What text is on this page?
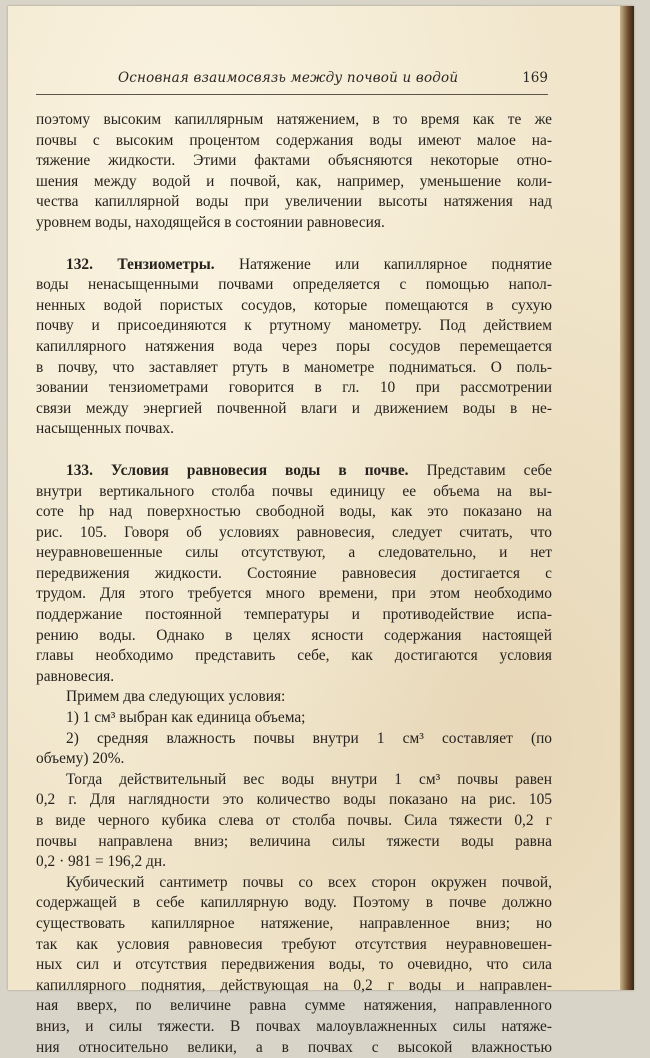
Основная взаимосвязь между почвой и водой	169

поэтому высоким капиллярным натяжением, в то время как те же
почвы с высоким процентом содержания воды имеют малое на-
тяжение жидкости. Этими фактами объясняются некоторые отно-
шения между водой и почвой, как, например, уменьшение коли-
чества капиллярной воды при увеличении высоты натяжения над
уровнем воды, находящейся в состоянии равновесия.

132. Тензиометры. Натяжение или капиллярное поднятие
воды ненасыщенными почвами определяется с помощью напол-
ненных водой пористых сосудов, которые помещаются в сухую
почву и присоединяются к ртутному манометру. Под действием
капиллярного натяжения вода через поры сосудов перемещается
в почву, что заставляет ртуть в манометре подниматься. О поль-
зовании тензиометрами говорится в гл. 10 при рассмотрении
связи между энергией почвенной влаги и движением воды в не-
насыщенных почвах.

133. Условия равновесия воды в почве. Представим себе
внутри вертикального столба почвы единицу ее объема на вы-
соте hp над поверхностью свободной воды, как это показано на
рис. 105. Говоря об условиях равновесия, следует считать, что
неуравновешенные силы отсутствуют, а следовательно, и нет
передвижения жидкости. Состояние равновесия достигается с
трудом. Для этого требуется много времени, при этом необходимо
поддержание постоянной температуры и противодействие испа-
рению воды. Однако в целях ясности содержания настоящей
главы необходимо представить себе, как достигаются условия
равновесия.

Примем два следующих условия:
1) 1 см³ выбран как единица объема;
2) средняя влажность почвы внутри 1 см³ составляет (по
объему) 20%.

Тогда действительный вес воды внутри 1 см³ почвы равен
0,2 г. Для наглядности это количество воды показано на рис. 105
в виде черного кубика слева от столба почвы. Сила тяжести 0,2 г
почвы направлена вниз; величина силы тяжести воды равна
0,2 · 981 = 196,2 дн.

Кубический сантиметр почвы со всех сторон окружен почвой,
содержащей в себе капиллярную воду. Поэтому в почве должно
существовать капиллярное натяжение, направленное вниз; но
так как условия равновесия требуют отсутствия неуравновешен-
ных сил и отсутствия передвижения воды, то очевидно, что сила
капиллярного поднятия, действующая на 0,2 г воды и направлен-
ная вверх, по величине равна сумме натяжения, направленного
вниз, и силы тяжести. В почвах малоувлажненных силы натяже-
ния относительно велики, а в почвах с высокой влажностью
